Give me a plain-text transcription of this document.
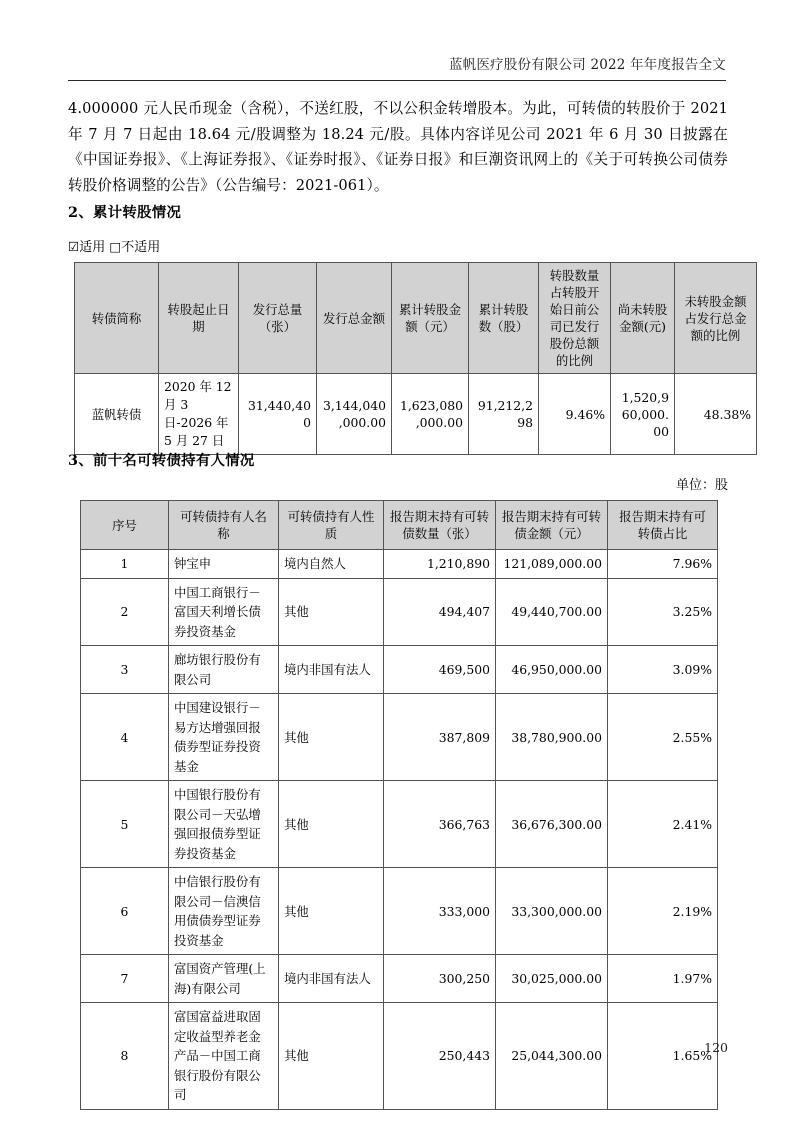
蓝帆医疗股份有限公司 2022 年年度报告全文

4.000000 元人民币现金（含税），不送红股，不以公积金转增股本。为此，可转债的转股价于 2021 年 7 月 7 日起由 18.64 元/股调整为 18.24 元/股。具体内容详见公司 2021 年 6 月 30 日披露在《中国证券报》、《上海证券报》、《证券时报》、《证券日报》和巨潮资讯网上的《关于可转换公司债券转股价格调整的公告》（公告编号：2021-061）。

2、累计转股情况
☑适用 □不适用
转债简称	转股起止日期	发行总量（张）	发行总金额	累计转股金额（元）	累计转股数（股）	转股数量占转股开始日前公司已发行股份总额的比例	尚未转股金额(元)	未转股金额占发行总金额的比例
蓝帆转债	2020 年 12 月 3 日-2026 年 5 月 27 日	31,440,400	3,144,040,000.00	1,623,080,000.00	91,212,298	9.46%	1,520,960,000.00	48.38%
3、前十名可转债持有人情况
单位：股
序号	可转债持有人名称	可转债持有人性质	报告期末持有可转债数量（张）	报告期末持有可转债金额（元）	报告期末持有可转债占比
1	钟宝申	境内自然人	1,210,890	121,089,000.00	7.96%
2	中国工商银行－富国天利增长债券投资基金	其他	494,407	49,440,700.00	3.25%
3	廊坊银行股份有限公司	境内非国有法人	469,500	46,950,000.00	3.09%
4	中国建设银行－易方达增强回报债券型证券投资基金	其他	387,809	38,780,900.00	2.55%
5	中国银行股份有限公司－天弘增强回报债券型证券投资基金	其他	366,763	36,676,300.00	2.41%
6	中信银行股份有限公司－信澳信用债债券型证券投资基金	其他	333,000	33,300,000.00	2.19%
7	富国资产管理(上海)有限公司	境内非国有法人	300,250	30,025,000.00	1.97%
8	富国富益进取固定收益型养老金产品－中国工商银行股份有限公司	其他	250,443	25,044,300.00	1.65%
120
